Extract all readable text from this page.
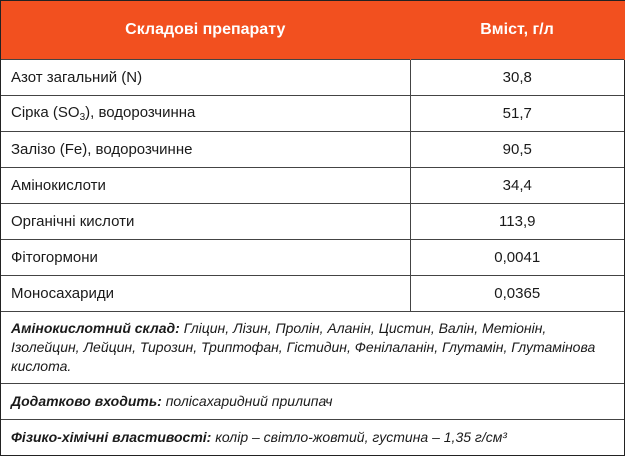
Складові препарату	Вміст, г/л
Азот загальний (N)	30,8
Сірка $(SO_3)$, водорозчинна	51,7
Залізо (Fe), водорозчинне	90,5
Амінокислоти	34,4
Органічні кислоти	113,9
Фітогормони	0,0041
Моносахариди	0,0365
Амінокислотний склад: Гліцин, Лізин, Пролін, Аланін, Цистин, Валін, Метіонін, Ізолейцин, Лейцин, Тирозин, Триптофан, Гістидин, Фенілаланін, Глутамін, Глутамінова кислота.	
Додатково входить: полісахаридний прилипач	
Фізико-хімічні властивості: колір – світло-жовтий, густина – 1,35 г/см³	
